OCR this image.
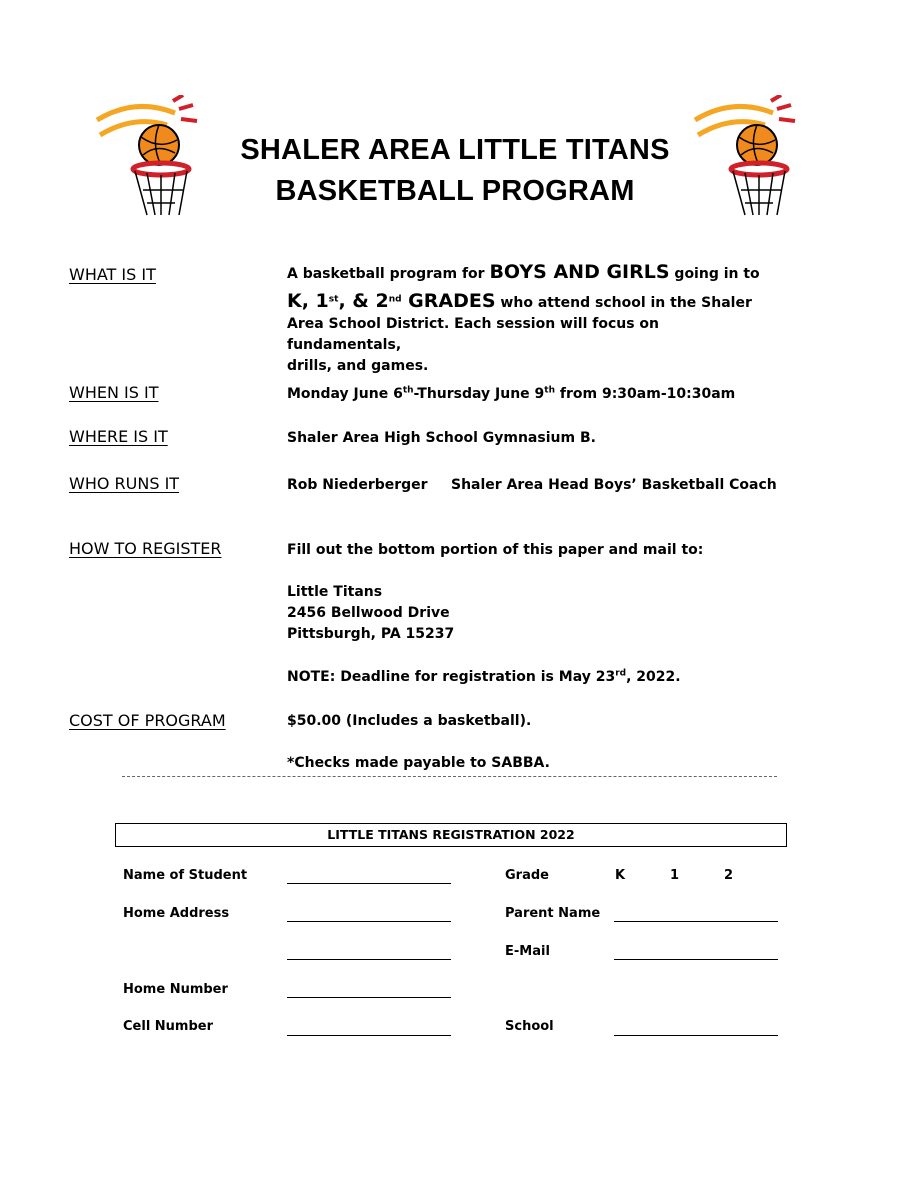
SHALER AREA LITTLE TITANS
BASKETBALL PROGRAM
WHAT IS IT	A basketball program for BOYS AND GIRLS going in to
K, 1st, & 2nd GRADES who attend school in the Shaler
Area School District. Each session will focus on fundamentals,
drills, and games.
WHEN IS IT	Monday June 6th-Thursday June 9th from 9:30am-10:30am
WHERE IS IT	Shaler Area High School Gymnasium B.
WHO RUNS IT	Rob Niederberger Shaler Area Head Boys’ Basketball Coach
HOW TO REGISTER	Fill out the bottom portion of this paper and mail to:
Little Titans
2456 Bellwood Drive
Pittsburgh, PA 15237
NOTE: Deadline for registration is May 23rd, 2022.
COST OF PROGRAM	$50.00 (Includes a basketball).
*Checks made payable to SABBA.
LITTLE TITANS REGISTRATION 2022
Name of Student	Grade	K	1	2
Home Address	Parent Name
E-Mail
Home Number
Cell Number	School
